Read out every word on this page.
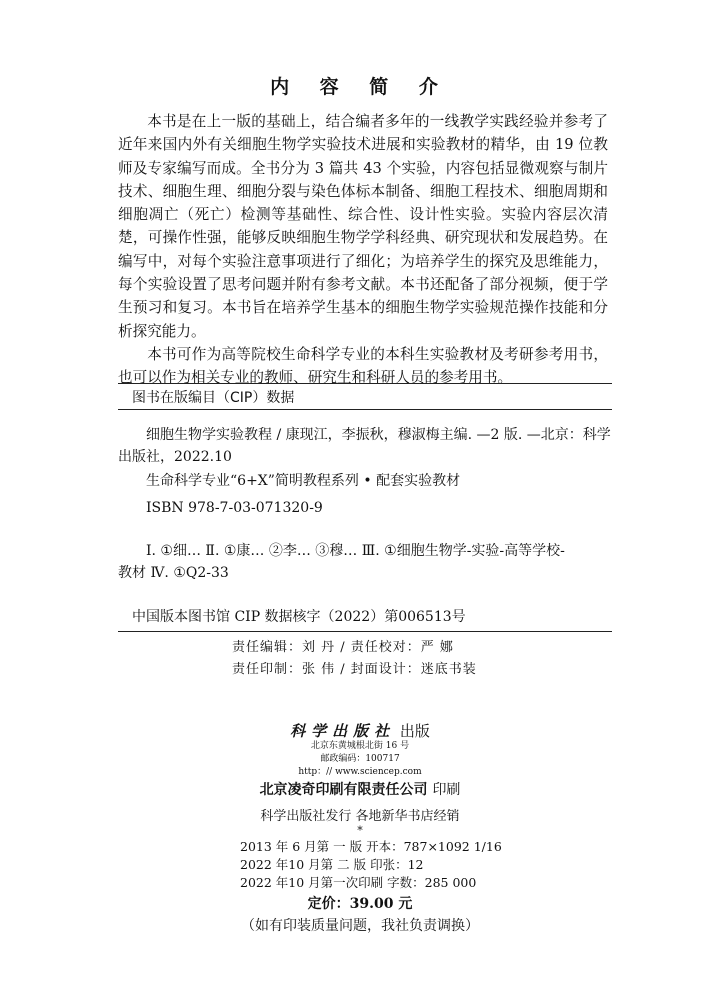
内 容 简 介

本书是在上一版的基础上，结合编者多年的一线教学实践经验并参考了近年来国内外有关细胞生物学实验技术进展和实验教材的精华，由 19 位教师及专家编写而成。全书分为 3 篇共 43 个实验，内容包括显微观察与制片技术、细胞生理、细胞分裂与染色体标本制备、细胞工程技术、细胞周期和细胞凋亡（死亡）检测等基础性、综合性、设计性实验。实验内容层次清楚，可操作性强，能够反映细胞生物学学科经典、研究现状和发展趋势。在编写中，对每个实验注意事项进行了细化；为培养学生的探究及思维能力，每个实验设置了思考问题并附有参考文献。本书还配备了部分视频，便于学生预习和复习。本书旨在培养学生基本的细胞生物学实验规范操作技能和分析探究能力。

本书可作为高等院校生命科学专业的本科生实验教材及考研参考用书，也可以作为相关专业的教师、研究生和科研人员的参考用书。

图书在版编目（CIP）数据
细胞生物学实验教程 / 康现江，李振秋，穆淑梅主编. —2 版. —北京：科学
出版社，2022.10
生命科学专业“6+X”简明教程系列 • 配套实验教材
ISBN 978-7-03-071320-9
Ⅰ. ①细… Ⅱ. ①康… ②李… ③穆… Ⅲ. ①细胞生物学-实验-高等学校-
教材 Ⅳ. ①Q2-33
中国版本图书馆 CIP 数据核字（2022）第006513号
责任编辑：刘 丹 / 责任校对：严 娜
责任印制：张 伟 / 封面设计：迷底书装
科学出版社 出版
北京东黄城根北街 16 号
邮政编码：100717
http：// www.sciencep.com
北京凌奇印刷有限责任公司 印刷
科学出版社发行 各地新华书店经销
*
2013 年 6 月第 一 版 开本：787×1092 1/16
2022 年10 月第 二 版 印张：12
2022 年10 月第一次印刷 字数：285 000
定价：39.00 元
（如有印装质量问题，我社负责调换）
